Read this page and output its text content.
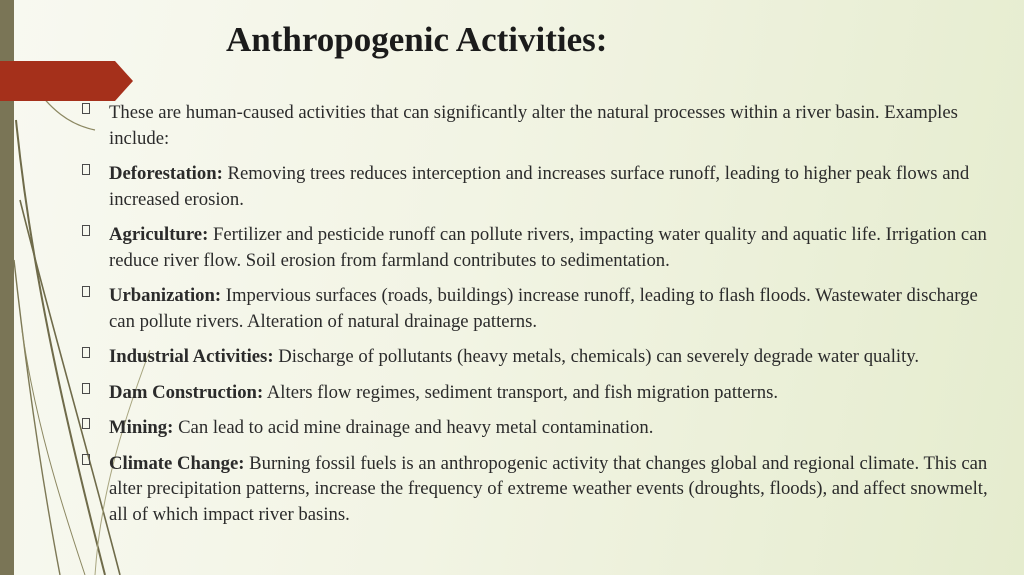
Anthropogenic Activities:
These are human-caused activities that can significantly alter the natural processes within a river basin. Examples include:
Deforestation: Removing trees reduces interception and increases surface runoff, leading to higher peak flows and increased erosion.
Agriculture: Fertilizer and pesticide runoff can pollute rivers, impacting water quality and aquatic life. Irrigation can reduce river flow. Soil erosion from farmland contributes to sedimentation.
Urbanization: Impervious surfaces (roads, buildings) increase runoff, leading to flash floods. Wastewater discharge can pollute rivers. Alteration of natural drainage patterns.
Industrial Activities: Discharge of pollutants (heavy metals, chemicals) can severely degrade water quality.
Dam Construction: Alters flow regimes, sediment transport, and fish migration patterns.
Mining: Can lead to acid mine drainage and heavy metal contamination.
Climate Change: Burning fossil fuels is an anthropogenic activity that changes global and regional climate. This can alter precipitation patterns, increase the frequency of extreme weather events (droughts, floods), and affect snowmelt, all of which impact river basins.
